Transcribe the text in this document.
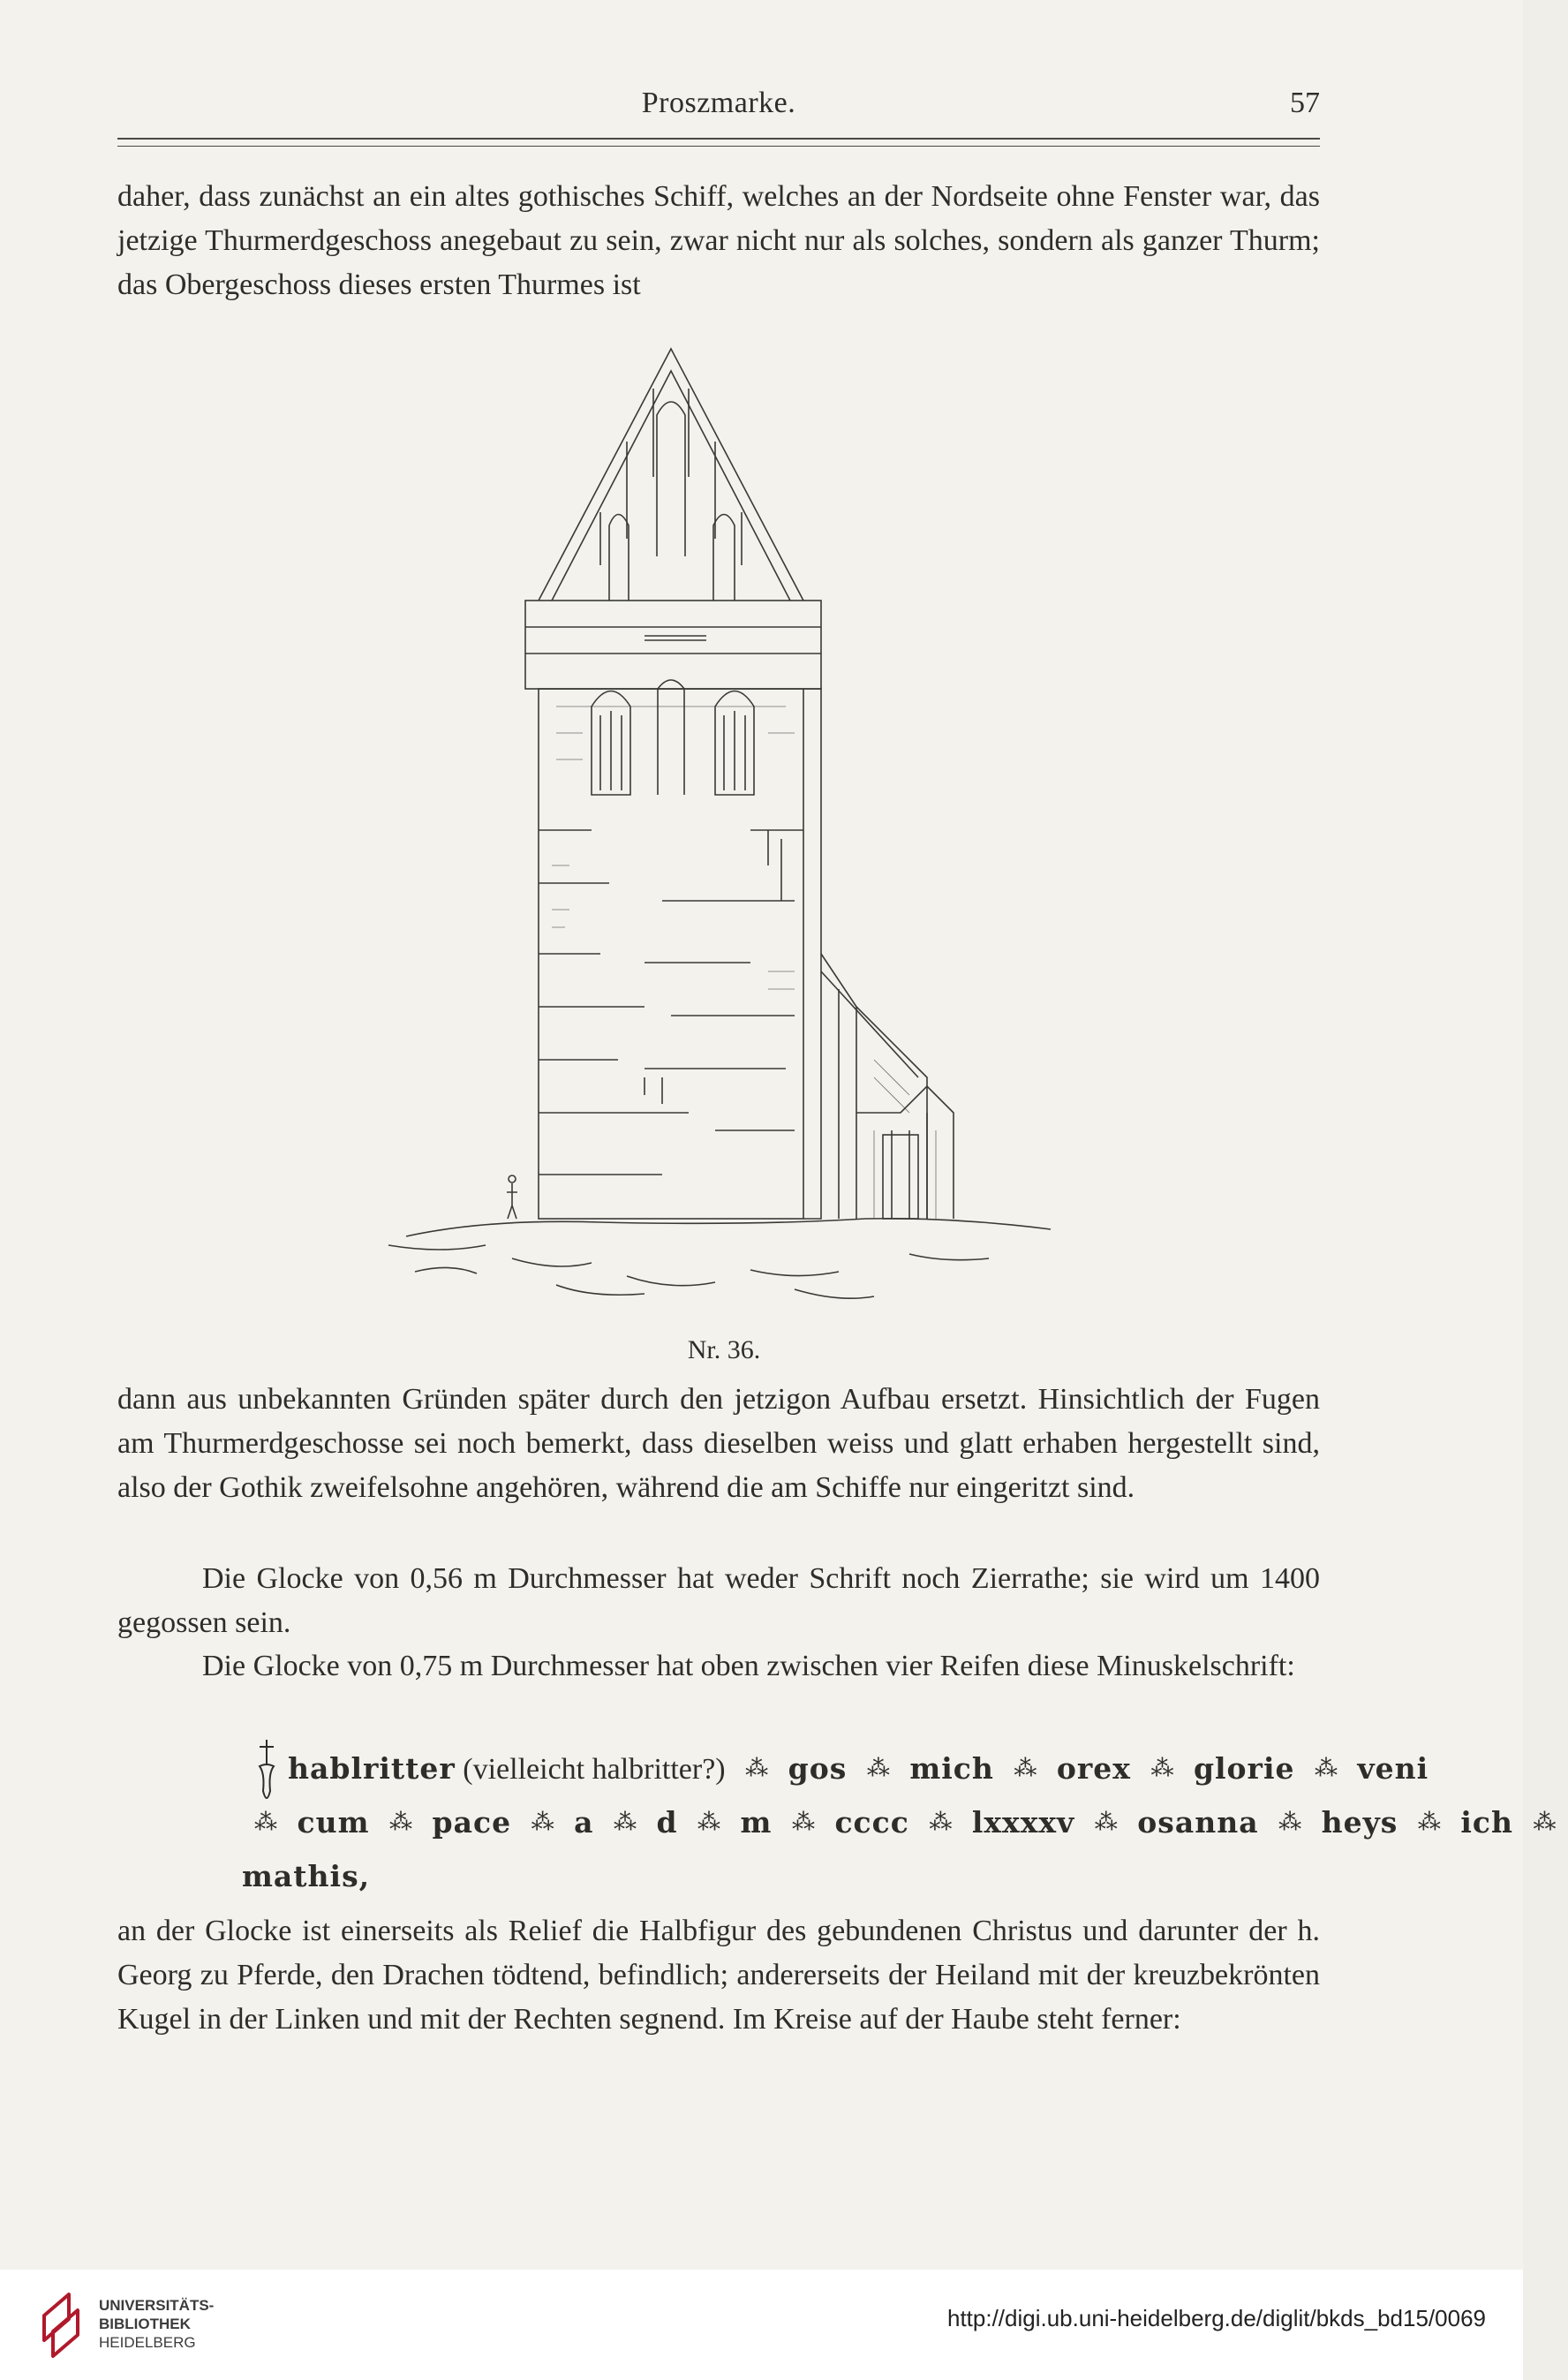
Proszmarke.	57

daher, dass zunächst an ein altes gothisches Schiff, welches an der Nordseite ohne Fenster war, das jetzige Thurmerdgeschoss anegebaut zu sein, zwar nicht nur als solches, sondern als ganzer Thurm; das Obergeschoss dieses ersten Thurmes ist

Nr. 36.

dann aus unbekannten Gründen später durch den jetzigon Aufbau ersetzt. Hinsichtlich der Fugen am Thurmerdgeschosse sei noch bemerkt, dass dieselben weiss und glatt erhaben hergestellt sind, also der Gothik zweifelsohne angehören, während die am Schiffe nur eingeritzt sind.

Die Glocke von 0,56 m Durchmesser hat weder Schrift noch Zierrathe; sie wird um 1400 gegossen sein.

Die Glocke von 0,75 m Durchmesser hat oben zwischen vier Reifen diese Minuskelschrift:

hablritter (vielleicht halbritter?) ⁂ gos ⁂ mich ⁂ orex ⁂ glorie ⁂ veni
⁂ cum ⁂ pace ⁂ a ⁂ d ⁂ m ⁂ cccc ⁂ lxxxxv ⁂ osanna ⁂ heys ⁂ ich ⁂
mathis,

an der Glocke ist einerseits als Relief die Halbfigur des gebundenen Christus und darunter der h. Georg zu Pferde, den Drachen tödtend, befindlich; andererseits der Heiland mit der kreuzbekrönten Kugel in der Linken und mit der Rechten segnend. Im Kreise auf der Haube steht ferner:

UNIVERSITÄTS-
BIBLIOTHEK
HEIDELBERG
http://digi.ub.uni-heidelberg.de/diglit/bkds_bd15/0069
